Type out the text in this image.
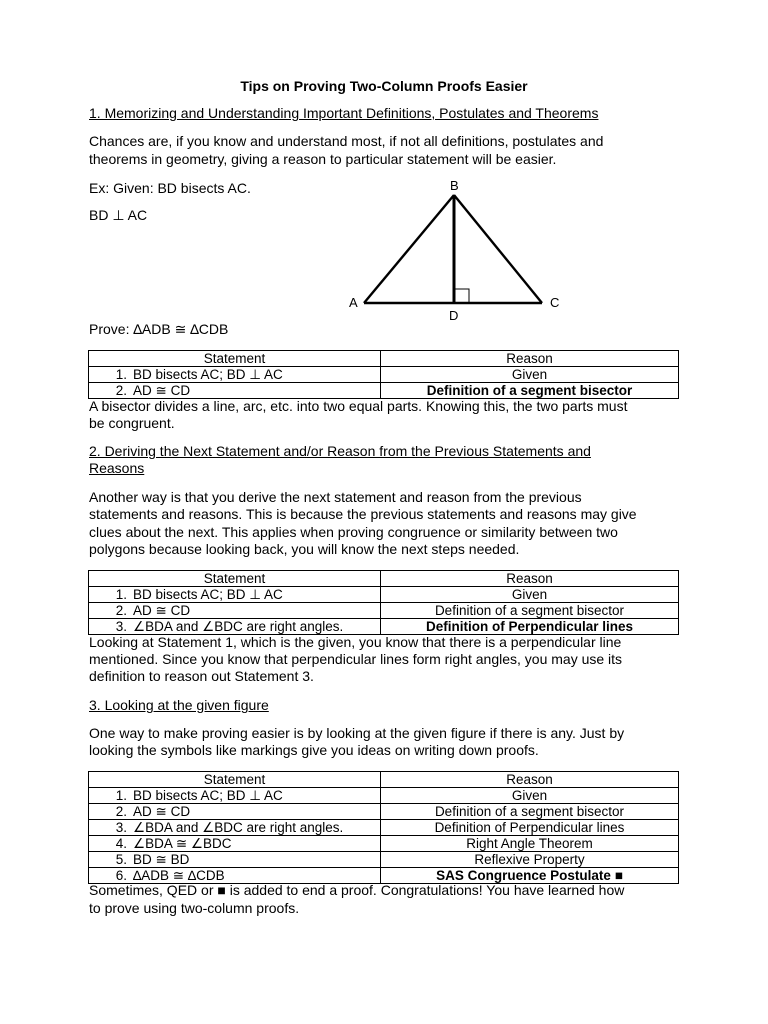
Tips on Proving Two-Column Proofs Easier

1. Memorizing and Understanding Important Definitions, Postulates and Theorems

Chances are, if you know and understand most, if not all definitions, postulates and

theorems in geometry, giving a reason to particular statement will be easier.

Ex: Given: BD bisects AC.

BD ⊥ AC

B
A	C
D

Prove: ∆ADB ≅ ∆CDB

Statement	Reason
1. BD bisects AC; BD ⊥ AC	Given
2. AD ≅ CD	Definition of a segment bisector

A bisector divides a line, arc, etc. into two equal parts. Knowing this, the two parts must

be congruent.

2. Deriving the Next Statement and/or Reason from the Previous Statements and

Reasons

Another way is that you derive the next statement and reason from the previous

statements and reasons. This is because the previous statements and reasons may give

clues about the next. This applies when proving congruence or similarity between two

polygons because looking back, you will know the next steps needed.

Statement	Reason
1. BD bisects AC; BD ⊥ AC	Given
2. AD ≅ CD	Definition of a segment bisector
3. ∠BDA and ∠BDC are right angles.	Definition of Perpendicular lines

Looking at Statement 1, which is the given, you know that there is a perpendicular line

mentioned. Since you know that perpendicular lines form right angles, you may use its

definition to reason out Statement 3.

3. Looking at the given figure

One way to make proving easier is by looking at the given figure if there is any. Just by

looking the symbols like markings give you ideas on writing down proofs.

Statement	Reason
1. BD bisects AC; BD ⊥ AC	Given
2. AD ≅ CD	Definition of a segment bisector
3. ∠BDA and ∠BDC are right angles.	Definition of Perpendicular lines
4. ∠BDA ≅ ∠BDC	Right Angle Theorem
5. BD ≅ BD	Reflexive Property
6. ∆ADB ≅ ∆CDB	SAS Congruence Postulate ■

Sometimes, QED or ■ is added to end a proof. Congratulations! You have learned how

to prove using two-column proofs.
